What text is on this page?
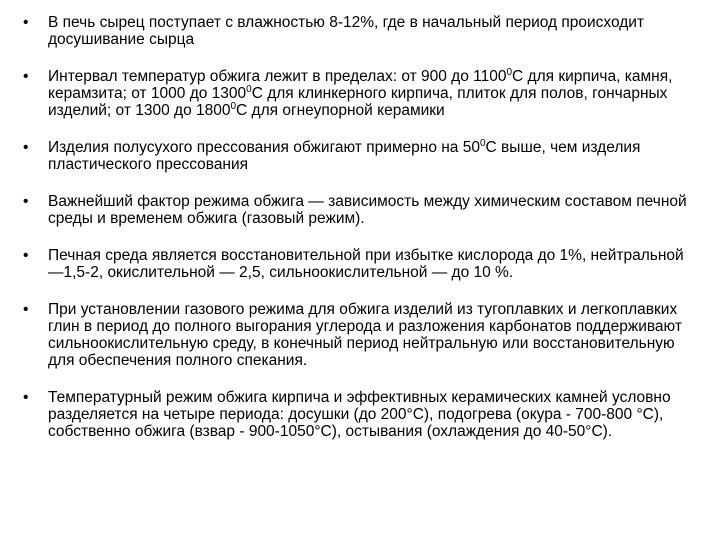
• В печь сырец поступает с влажностью 8-12%, где в начальный период происходит досушивание сырца
• Интервал температур обжига лежит в пределах: от 900 до 1100$^0$С для кирпича, камня, керамзита; от 1000 до 1300$^0$С для клинкерного кирпича, плиток для полов, гончарных изделий; от 1300 до 1800$^0$С для огнеупорной керамики
• Изделия полусухого прессования обжигают примерно на $50^0С$ выше, чем изделия пластического прессования
• Важнейший фактор режима обжига — зависимость между химическим составом печной среды и временем обжига (газовый режим).
• Печная среда является восстановительной при избытке кислорода до 1%, нейтральной —1,5-2, окислительной — 2,5, сильноокислительной — до 10 %.
• При установлении газового режима для обжига изделий из тугоплавких и легкоплавких глин в период до полного выгорания углерода и разложения карбонатов поддерживают сильноокислительную среду, в конечный период нейтральную или восстановительную для обеспечения полного спекания.
• Температурный режим обжига кирпича и эффективных керамических камней условно разделяется на четыре периода: досушки (до 200°С), подогрева (окура - 700-800 °С), собственно обжига (взвар - 900-1050°С), остывания (охлаждения до 40-50°С).
